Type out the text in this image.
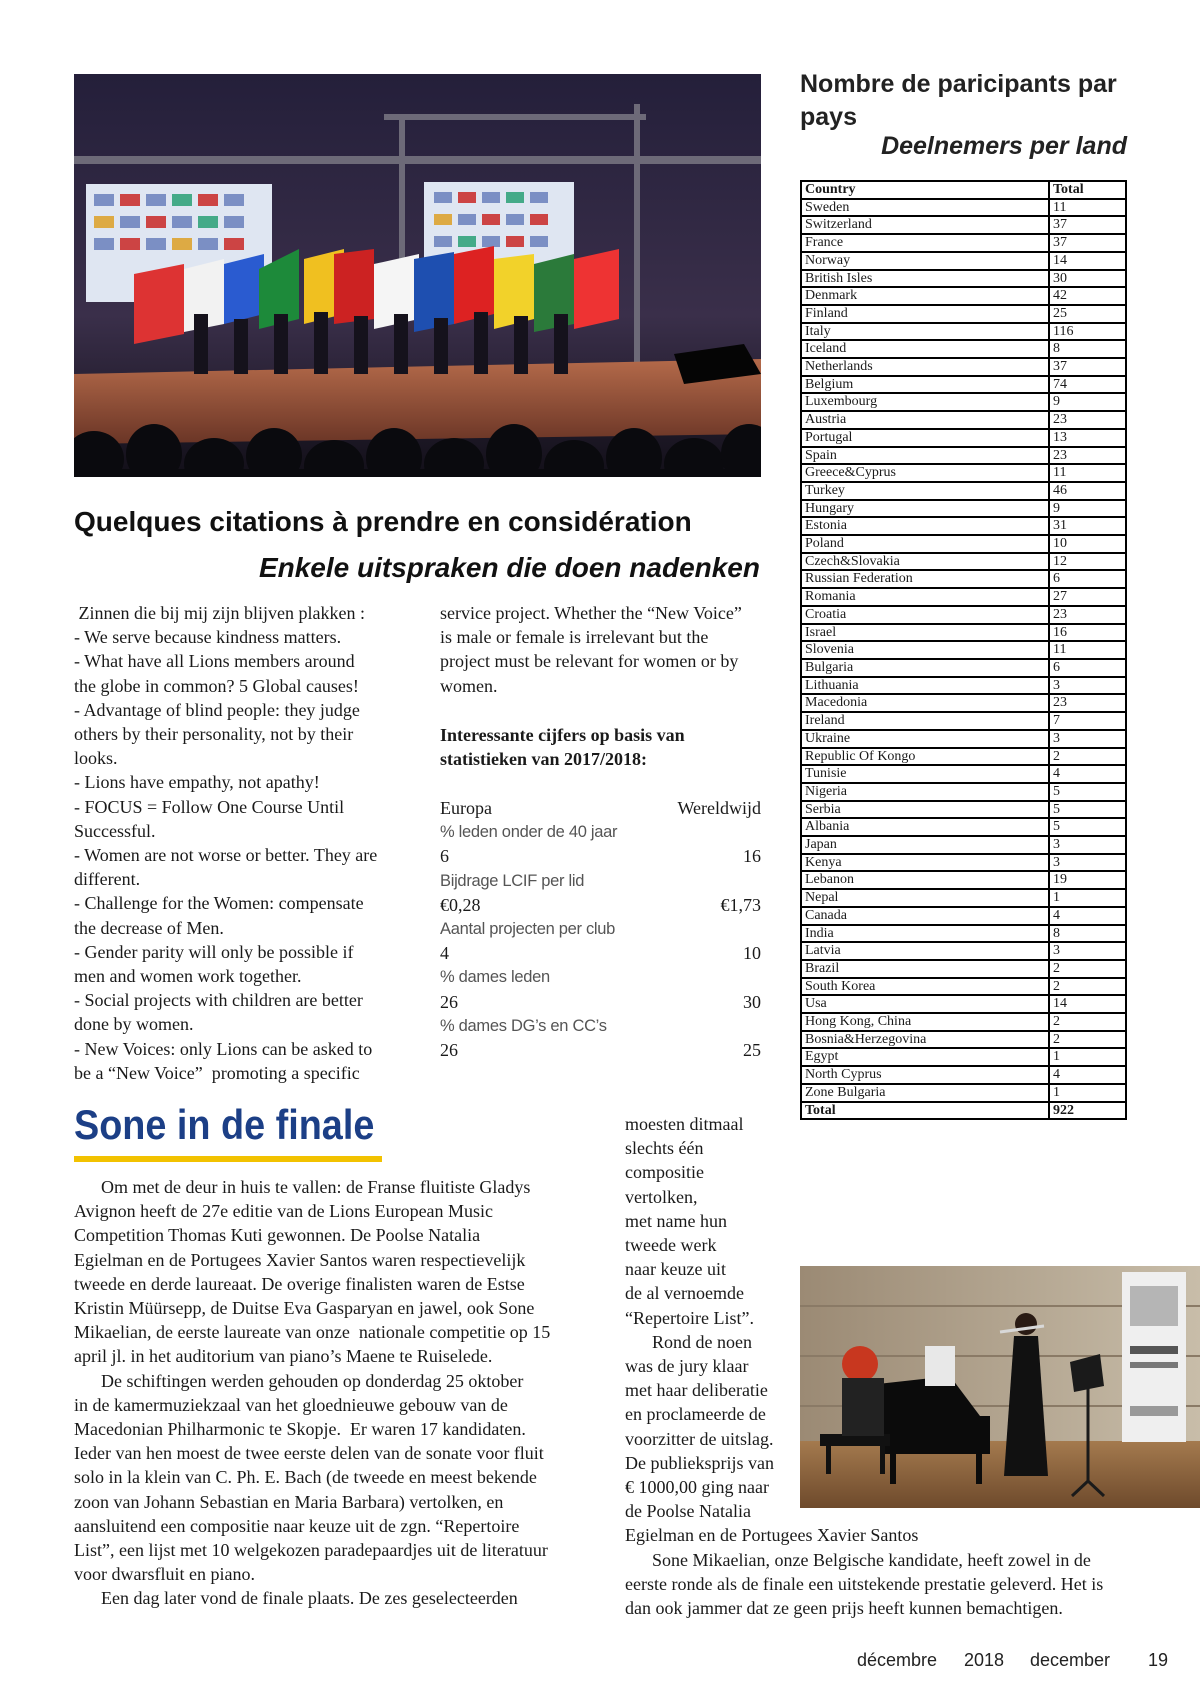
Nombre de paricipants par pays
Deelnemers per land
Country	Total
Sweden	11
Switzerland	37
France	37
Norway	14
British Isles	30
Denmark	42
Finland	25
Italy	116
Iceland	8
Netherlands	37
Belgium	74
Luxembourg	9
Austria	23
Portugal	13
Spain	23
Greece&Cyprus	11
Turkey	46
Hungary	9
Estonia	31
Poland	10
Czech&Slovakia	12
Russian Federation	6
Romania	27
Croatia	23
Israel	16
Slovenia	11
Bulgaria	6
Lithuania	3
Macedonia	23
Ireland	7
Ukraine	3
Republic Of Kongo	2
Tunisie	4
Nigeria	5
Serbia	5
Albania	5
Japan	3
Kenya	3
Lebanon	19
Nepal	1
Canada	4
India	8
Latvia	3
Brazil	2
South Korea	2
Usa	14
Hong Kong, China	2
Bosnia&Herzegovina	2
Egypt	1
North Cyprus	4
Zone Bulgaria	1
Total	922
Quelques citations à prendre en considération
Enkele uitspraken die doen nadenken
Zinnen die bij mij zijn blijven plakken :
- We serve because kindness matters.
- What have all Lions members around
the globe in common? 5 Global causes!
- Advantage of blind people: they judge
others by their personality, not by their
looks.
- Lions have empathy, not apathy!
- FOCUS = Follow One Course Until
Successful.
- Women are not worse or better. They are
different.
- Challenge for the Women: compensate
the decrease of Men.
- Gender parity will only be possible if
men and women work together.
- Social projects with children are better
done by women.
- New Voices: only Lions can be asked to
be a “New Voice”  promoting a specific
service project. Whether the “New Voice”
is male or female is irrelevant but the
project must be relevant for women or by
women.
Interessante cijfers op basis van
statistieken van 2017/2018:
Europa	Wereldwijd
% leden onder de 40 jaar
6	16
Bijdrage LCIF per lid
€0,28	€1,73
Aantal projecten per club
4	10
% dames leden
26	30
% dames DG’s en CC’s
26	25
Sone in de finale
Om met de deur in huis te vallen: de Franse fluitiste Gladys
Avignon heeft de 27e editie van de Lions European Music
Competition Thomas Kuti gewonnen. De Poolse Natalia
Egielman en de Portugees Xavier Santos waren respectievelijk
tweede en derde laureaat. De overige finalisten waren de Estse
Kristin Müürsepp, de Duitse Eva Gasparyan en jawel, ook Sone
Mikaelian, de eerste laureate van onze  nationale competitie op 15
april jl. in het auditorium van piano’s Maene te Ruiselede.
De schiftingen werden gehouden op donderdag 25 oktober
in de kamermuziekzaal van het gloednieuwe gebouw van de
Macedonian Philharmonic te Skopje.  Er waren 17 kandidaten.
Ieder van hen moest de twee eerste delen van de sonate voor fluit
solo in la klein van C. Ph. E. Bach (de tweede en meest bekende
zoon van Johann Sebastian en Maria Barbara) vertolken, en
aansluitend een compositie naar keuze uit de zgn. “Repertoire
List”, een lijst met 10 welgekozen paradepaardjes uit de literatuur
voor dwarsfluit en piano.
Een dag later vond de finale plaats. De zes geselecteerden
moesten ditmaal
slechts één
compositie
vertolken,
met name hun
tweede werk
naar keuze uit
de al vernoemde
“Repertoire List”.
Rond de noen
was de jury klaar
met haar deliberatie
en proclameerde de
voorzitter de uitslag.
De publieksprijs van
€ 1000,00 ging naar
de Poolse Natalia
Egielman en de Portugees Xavier Santos
Sone Mikaelian, onze Belgische kandidate, heeft zowel in de
eerste ronde als de finale een uitstekende prestatie geleverd. Het is
dan ook jammer dat ze geen prijs heeft kunnen bemachtigen.
décembre 2018 december 19
